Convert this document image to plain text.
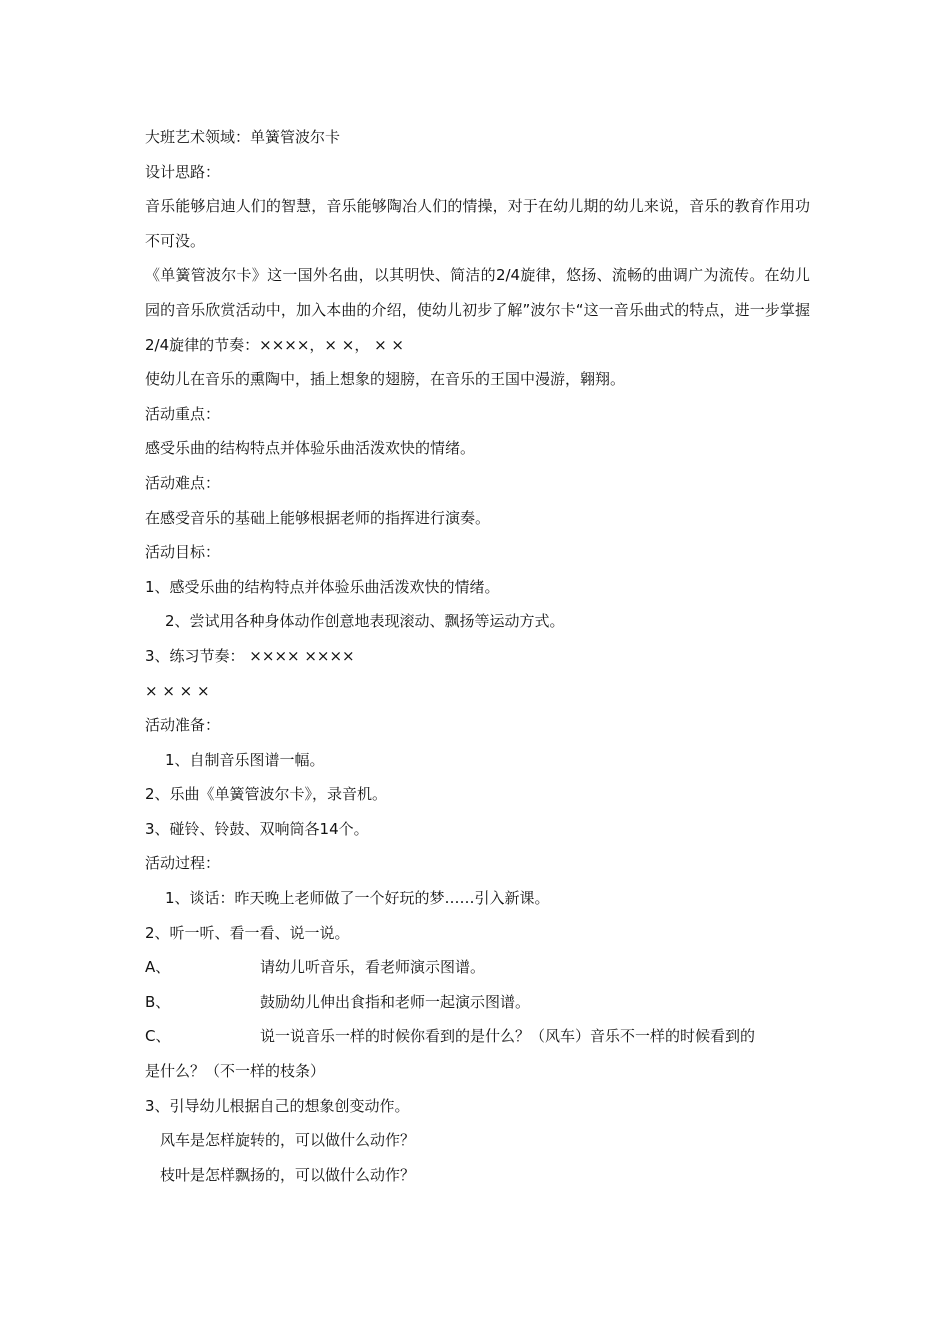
大班艺术领域：单簧管波尔卡
设计思路：
音乐能够启迪人们的智慧，音乐能够陶冶人们的情操，对于在幼儿期的幼儿来说，音乐的教育作用功不可没。
《单簧管波尔卡》这一国外名曲，以其明快、简洁的2/4旋律，悠扬、流畅的曲调广为流传。在幼儿园的音乐欣赏活动中，加入本曲的介绍，使幼儿初步了解”波尔卡“这一音乐曲式的特点，进一步掌握2/4旋律的节奏：××××，× ×， × ×
使幼儿在音乐的熏陶中，插上想象的翅膀，在音乐的王国中漫游，翱翔。
活动重点：
感受乐曲的结构特点并体验乐曲活泼欢快的情绪。
活动难点：
在感受音乐的基础上能够根据老师的指挥进行演奏。
活动目标：
1、感受乐曲的结构特点并体验乐曲活泼欢快的情绪。
2、尝试用各种身体动作创意地表现滚动、飘扬等运动方式。
3、练习节奏： ×××× ××××
× × × ×
活动准备：
1、自制音乐图谱一幅。
2、乐曲《单簧管波尔卡》，录音机。
3、碰铃、铃鼓、双响筒各14个。
活动过程：
1、谈话：昨天晚上老师做了一个好玩的梦……引入新课。
2、听一听、看一看、说一说。
A、	请幼儿听音乐，看老师演示图谱。
B、	鼓励幼儿伸出食指和老师一起演示图谱。
C、	说一说音乐一样的时候你看到的是什么？（风车）音乐不一样的时候看到的
是什么？（不一样的枝条）
3、引导幼儿根据自己的想象创变动作。
风车是怎样旋转的，可以做什么动作？
枝叶是怎样飘扬的，可以做什么动作？
